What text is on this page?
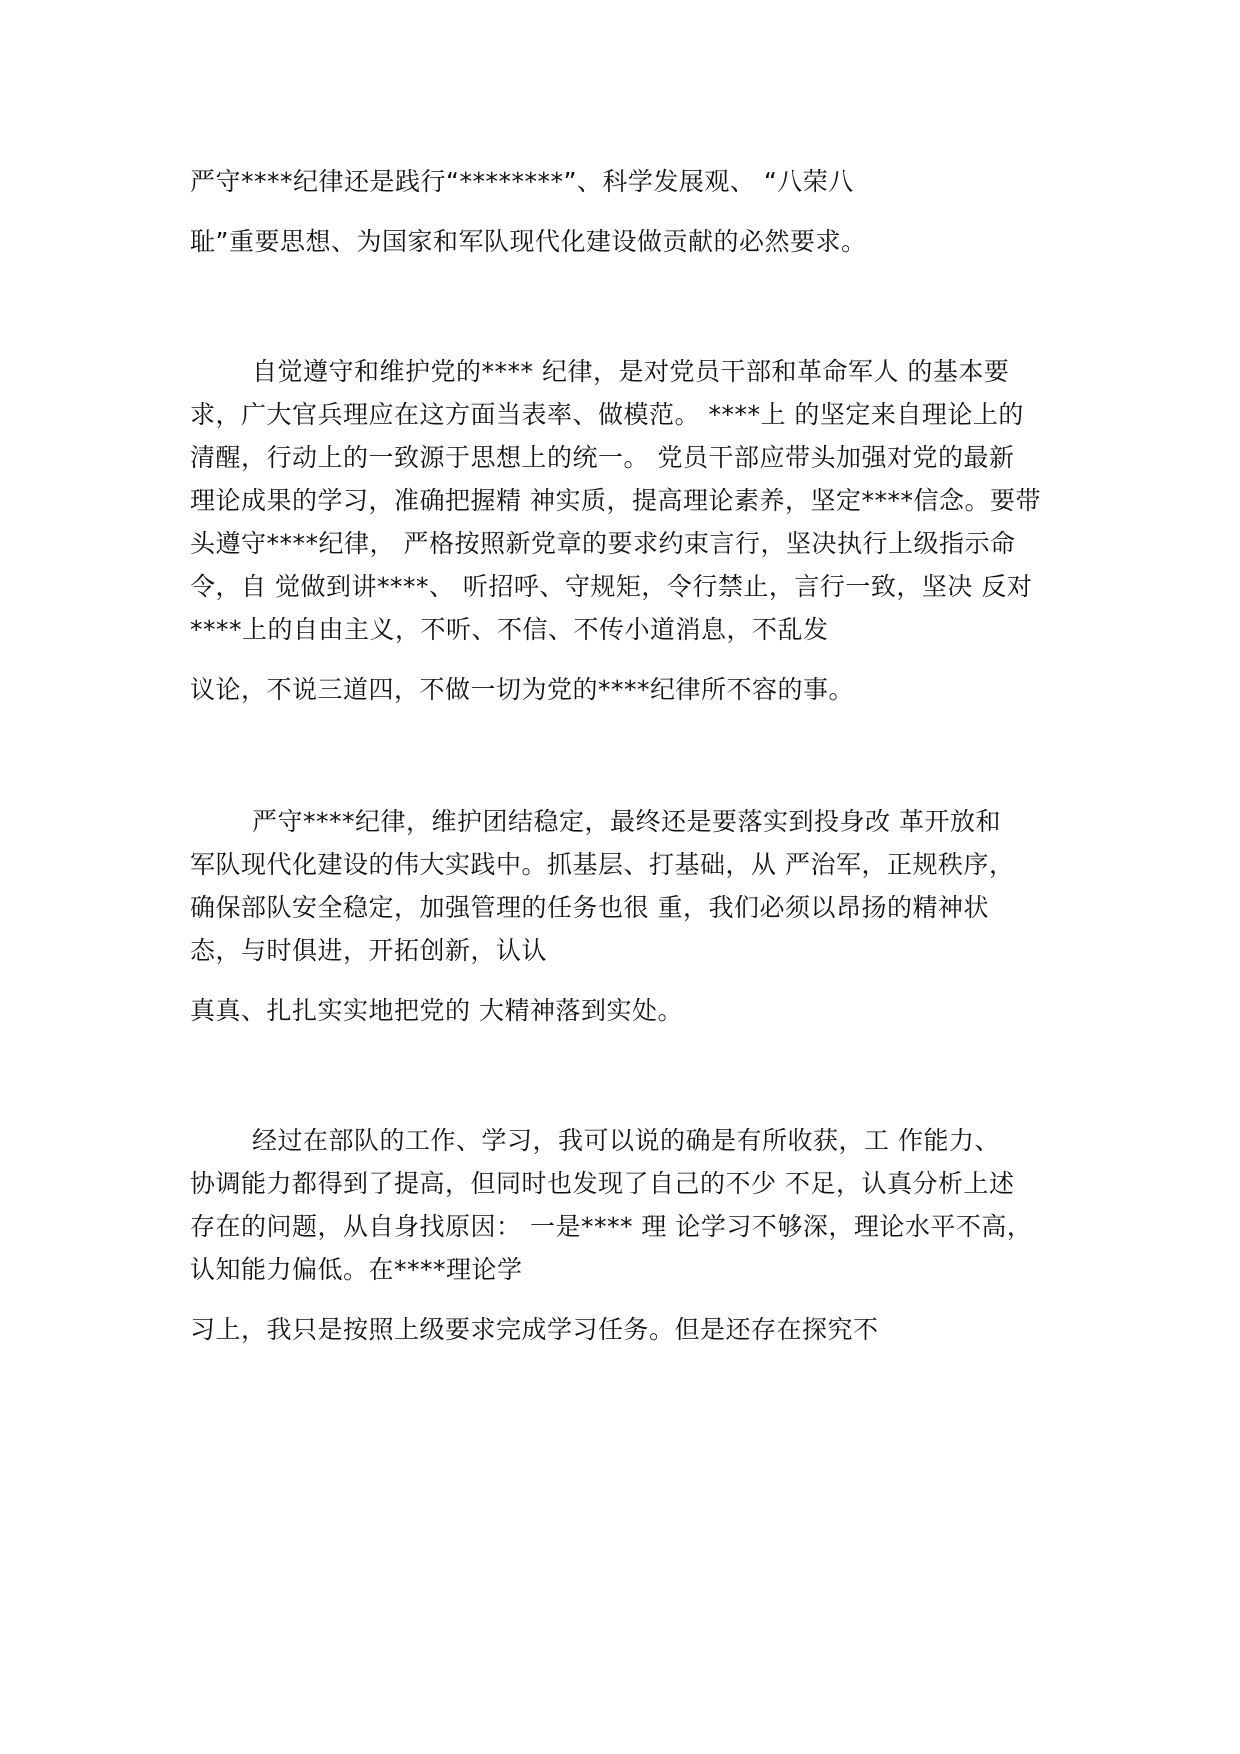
严守****纪律还是践行“********”、科学发展观、 “八荣八
耻”重要思想、为国家和军队现代化建设做贡献的必然要求。
自觉遵守和维护党的**** 纪律，是对党员干部和革命军人 的基本要
求，广大官兵理应在这方面当表率、做模范。 ****上 的坚定来自理论上的
清醒，行动上的一致源于思想上的统一。 党员干部应带头加强对党的最新
理论成果的学习，准确把握精 神实质，提高理论素养，坚定****信念。要带
头遵守****纪律， 严格按照新党章的要求约束言行，坚决执行上级指示命
令，自 觉做到讲****、 听招呼、守规矩，令行禁止，言行一致，坚决 反对
****上的自由主义，不听、不信、不传小道消息，不乱发
议论，不说三道四，不做一切为党的****纪律所不容的事。
严守****纪律，维护团结稳定，最终还是要落实到投身改 革开放和
军队现代化建设的伟大实践中。抓基层、打基础，从 严治军，正规秩序，
确保部队安全稳定，加强管理的任务也很 重，我们必须以昂扬的精神状
态，与时俱进，开拓创新，认认
真真、扎扎实实地把党的 大精神落到实处。
经过在部队的工作、学习，我可以说的确是有所收获，工 作能力、
协调能力都得到了提高，但同时也发现了自己的不少 不足，认真分析上述
存在的问题，从自身找原因： 一是**** 理 论学习不够深，理论水平不高，
认知能力偏低。在****理论学
习上，我只是按照上级要求完成学习任务。但是还存在探究不
